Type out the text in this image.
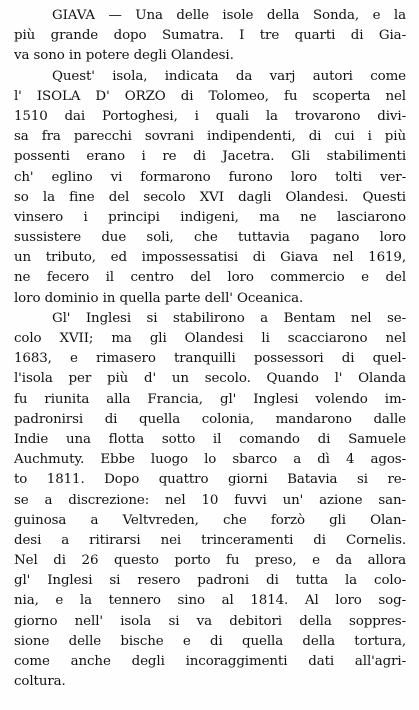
GIAVA — Una delle isole della Sonda, e la
più grande dopo Sumatra. I tre quarti di Gia-
va sono in potere degli Olandesi.
Quest' isola, indicata da varj autori come
l' ISOLA D' ORZO di Tolomeo, fu scoperta nel
1510 dai Portoghesi, i quali la trovarono divi-
sa fra parecchi sovrani indipendenti, di cui i più
possenti erano i re di Jacetra. Gli stabilimenti
ch' eglino vi formarono furono loro tolti ver-
so la fine del secolo XVI dagli Olandesi. Questi
vinsero i principi indigeni, ma ne lasciarono
sussistere due soli, che tuttavia pagano loro
un tributo, ed impossessatisi di Giava nel 1619,
ne fecero il centro del loro commercio e del
loro dominio in quella parte dell' Oceanica.
Gl' Inglesi si stabilirono a Bentam nel se-
colo XVII; ma gli Olandesi li scacciarono nel
1683, e rimasero tranquilli possessori di quel-
l'isola per più d' un secolo. Quando l' Olanda
fu riunita alla Francia, gl' Inglesi volendo im-
padronirsi di quella colonia, mandarono dalle
Indie una flotta sotto il comando di Samuele
Auchmuty. Ebbe luogo lo sbarco a dì 4 agos-
to 1811. Dopo quattro giorni Batavia si re-
se a discrezione: nel 10 fuvvi un' azione san-
guinosa a Veltvreden, che forzò gli Olan-
desi a ritirarsi nei trinceramenti di Cornelis.
Nel di 26 questo porto fu preso, e da allora
gl' Inglesi si resero padroni di tutta la colo-
nia, e la tennero sino al 1814. Al loro sog-
giorno nell' isola si va debitori della soppres-
sione delle bische e di quella della tortura,
come anche degli incoraggimenti dati all'agri-
coltura.
